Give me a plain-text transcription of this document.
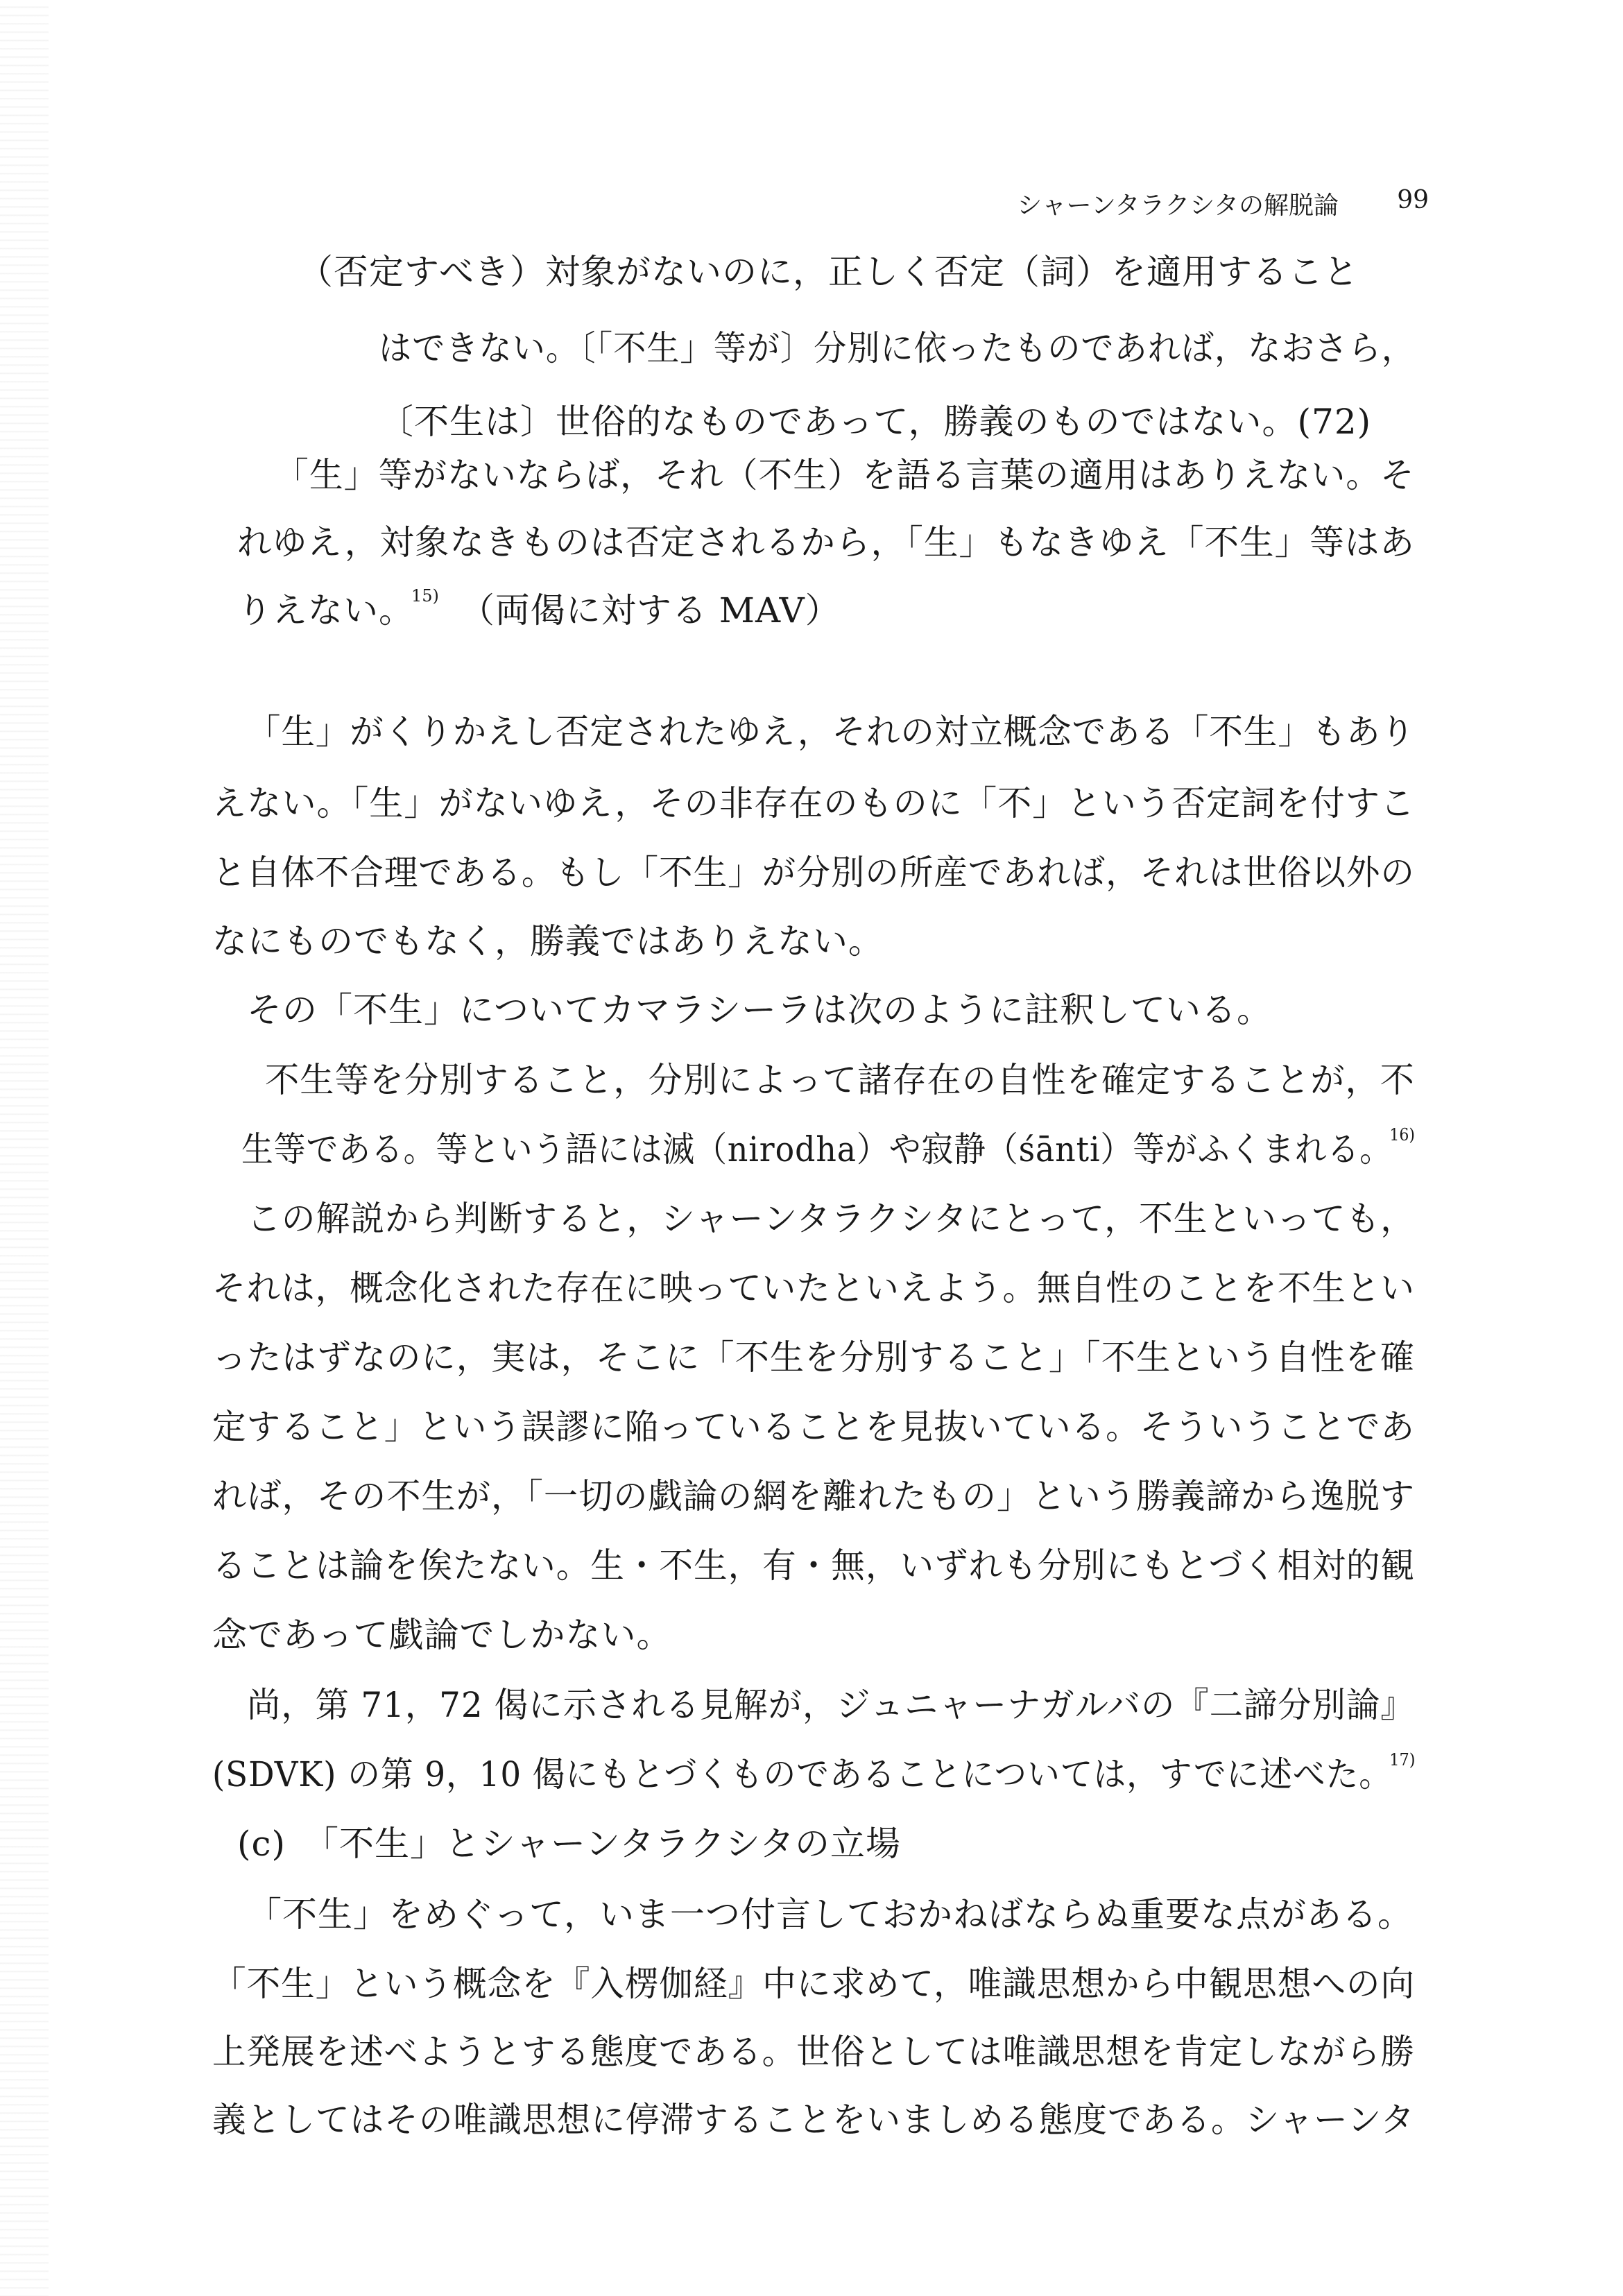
シャーンタラクシタの解脱論 99
（否定すべき）対象がないのに，正しく否定（詞）を適用すること
はできない。〔「不生」等が〕分別に依ったものであれば，なおさら，
〔不生は〕世俗的なものであって，勝義のものではない。(72)
「生」等がないならば，それ（不生）を語る言葉の適用はありえない。そ
れゆえ，対象なきものは否定されるから，「生」もなきゆえ「不生」等はあ
りえない。$^{15)}$ （両偈に対する MAV）
「生」がくりかえし否定されたゆえ，それの対立概念である「不生」もあり
えない。「生」がないゆえ，その非存在のものに「不」という否定詞を付すこ
と自体不合理である。もし「不生」が分別の所産であれば，それは世俗以外の
なにものでもなく，勝義ではありえない。
その「不生」についてカマラシーラは次のように註釈している。
不生等を分別すること，分別によって諸存在の自性を確定することが，不
生等である。等という語には滅（nirodha）や寂静（śānti）等がふくまれる。$^{16)}$
この解説から判断すると，シャーンタラクシタにとって，不生といっても，
それは，概念化された存在に映っていたといえよう。無自性のことを不生とい
ったはずなのに，実は，そこに「不生を分別すること」「不生という自性を確
定すること」という誤謬に陥っていることを見抜いている。そういうことであ
れば，その不生が，「一切の戯論の網を離れたもの」という勝義諦から逸脱す
ることは論を俟たない。生・不生，有・無，いずれも分別にもとづく相対的観
念であって戯論でしかない。
尚，第 71，72 偈に示される見解が，ジュニャーナガルバの『二諦分別論』
(SDVK) の第 9，10 偈にもとづくものであることについては，すでに述べた。$^{17)}$
(c)　「不生」とシャーンタラクシタの立場
「不生」をめぐって，いま一つ付言しておかねばならぬ重要な点がある。
「不生」という概念を『入楞伽経』中に求めて，唯識思想から中観思想への向
上発展を述べようとする態度である。世俗としては唯識思想を肯定しながら勝
義としてはその唯識思想に停滞することをいましめる態度である。シャーンタ
